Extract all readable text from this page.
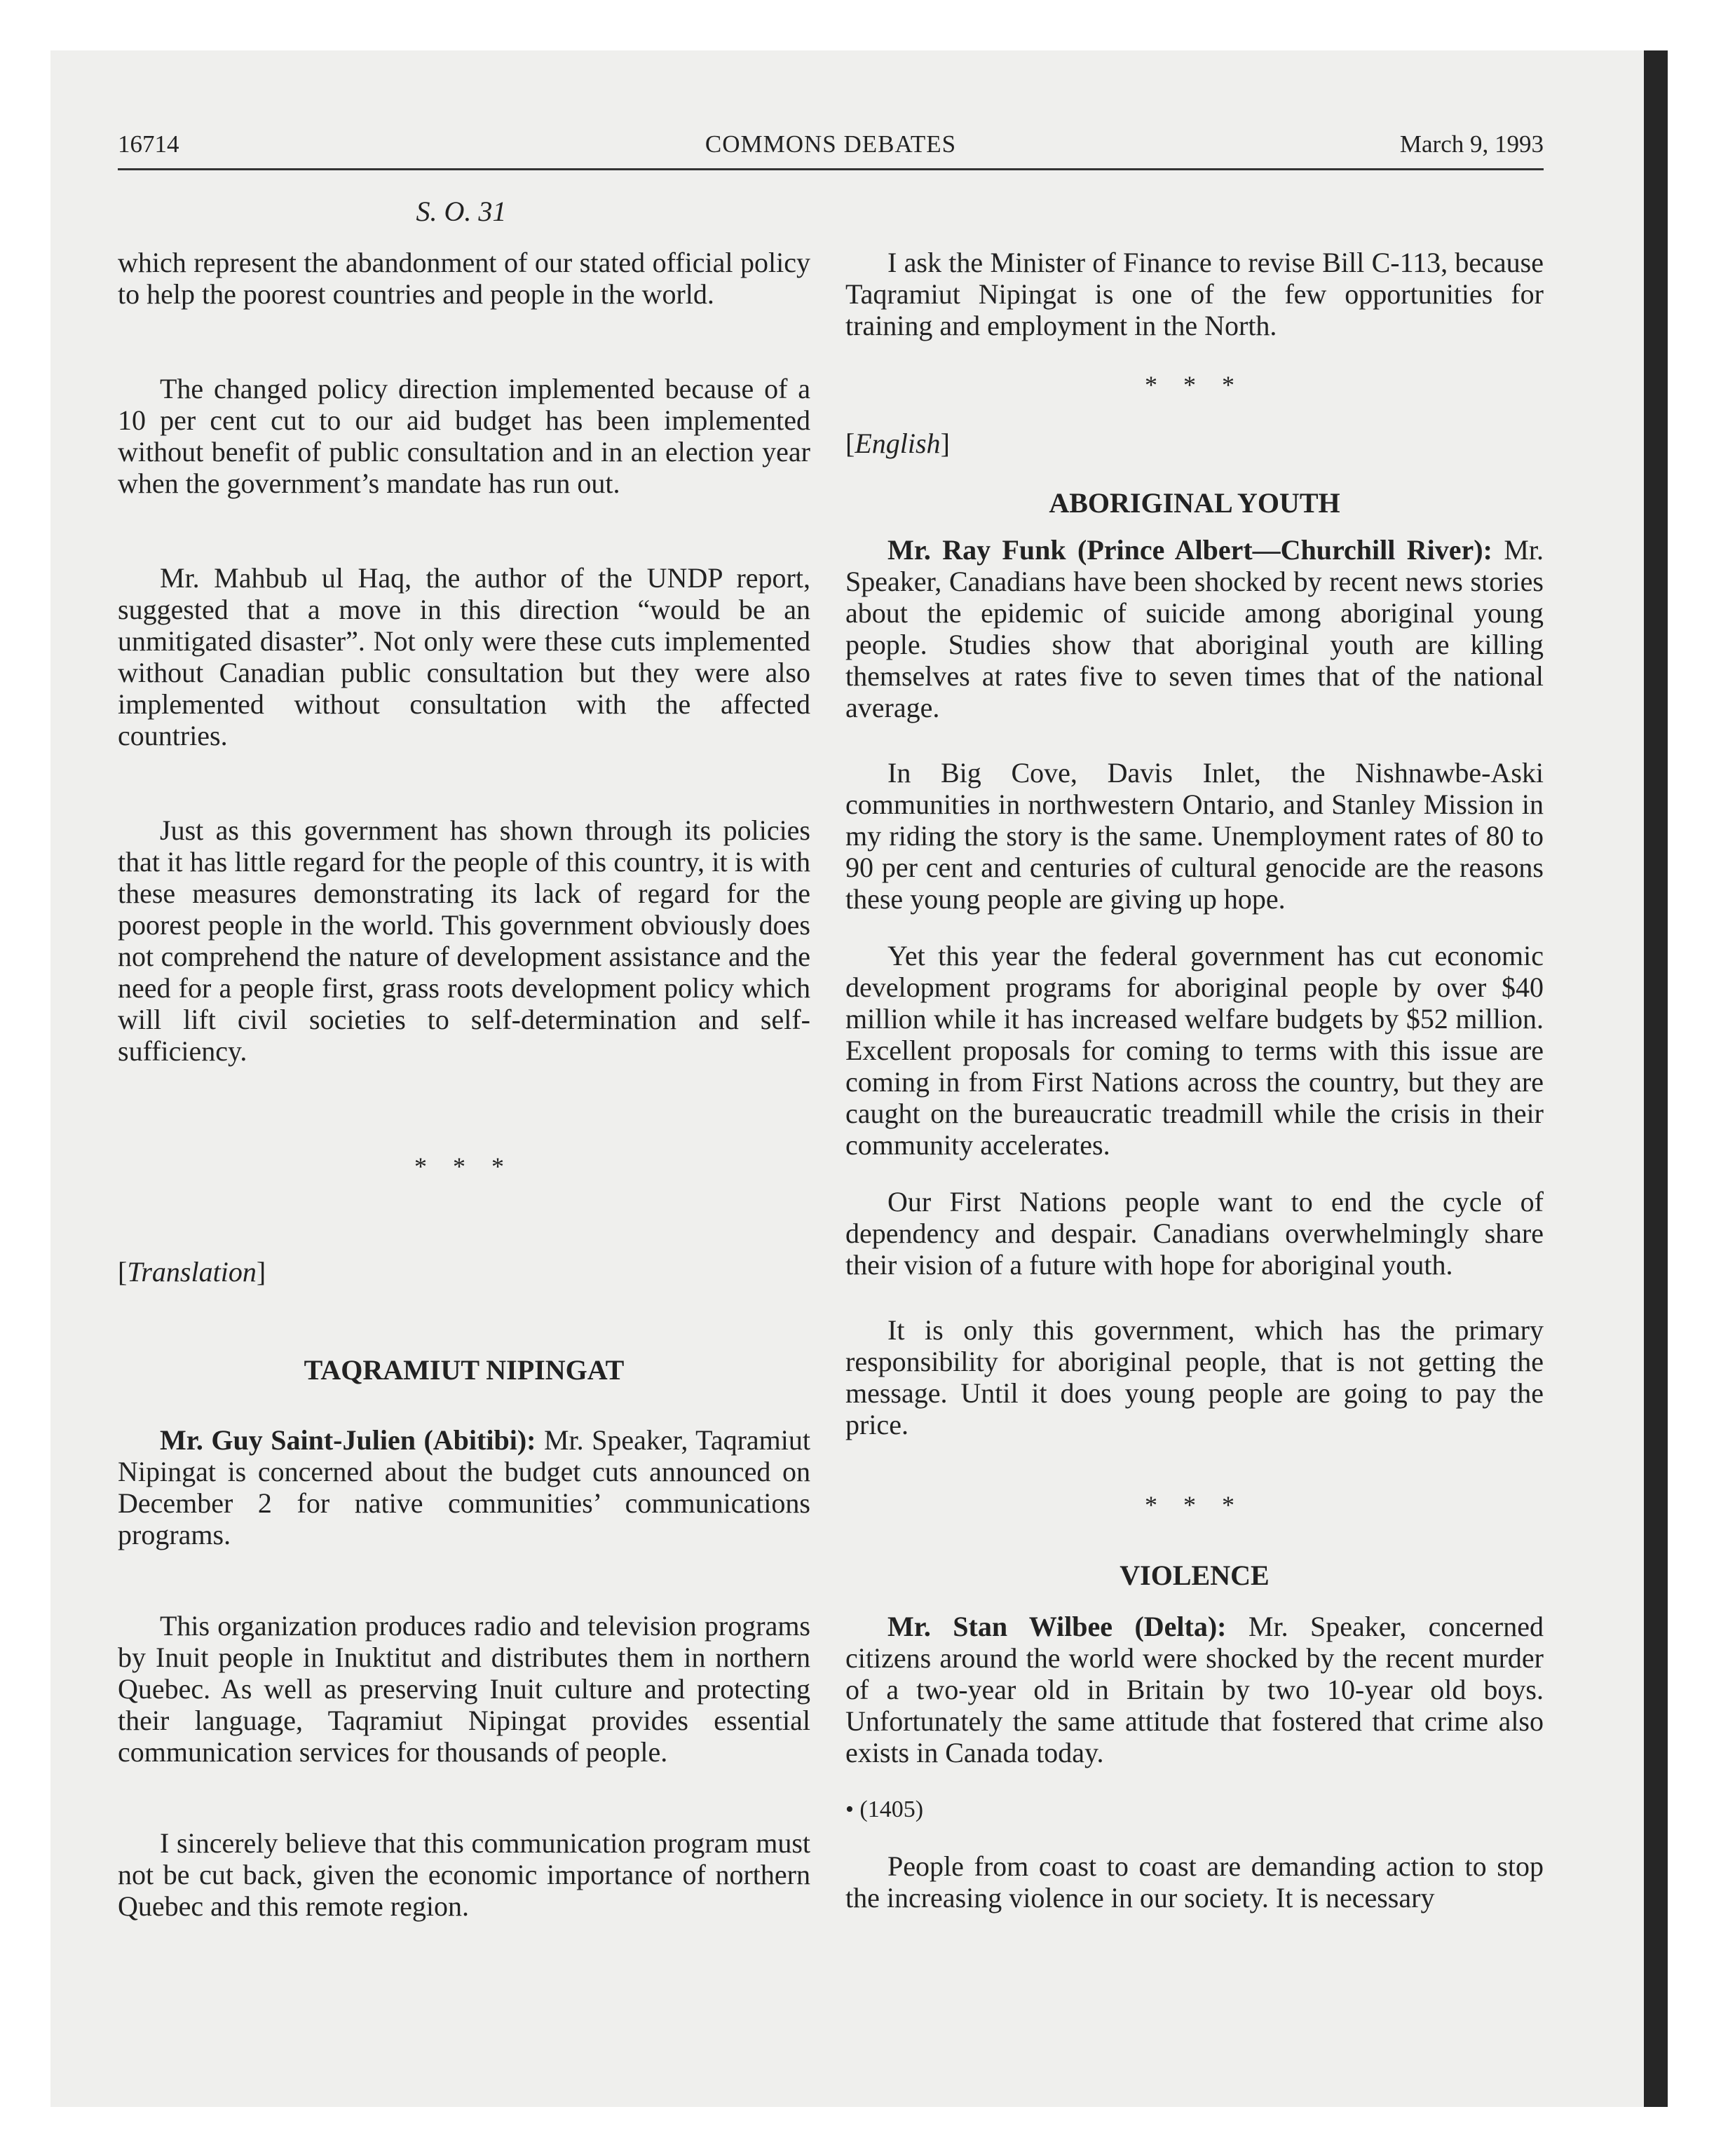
16714	COMMONS DEBATES	March 9, 1993
S. O. 31

which represent the abandonment of our stated official policy to help the poorest countries and people in the world.

The changed policy direction implemented because of a 10 per cent cut to our aid budget has been implemented without benefit of public consultation and in an election year when the government’s mandate has run out.

Mr. Mahbub ul Haq, the author of the UNDP report, suggested that a move in this direction “would be an unmitigated disaster”. Not only were these cuts implemented without Canadian public consultation but they were also implemented without consultation with the affected countries.

Just as this government has shown through its policies that it has little regard for the people of this country, it is with these measures demonstrating its lack of regard for the poorest people in the world. This government obviously does not comprehend the nature of development assistance and the need for a people first, grass roots development policy which will lift civil societies to self-determination and self-sufficiency.

* * *
[Translation]
TAQRAMIUT NIPINGAT

Mr. Guy Saint-Julien (Abitibi): Mr. Speaker, Taqramiut Nipingat is concerned about the budget cuts announced on December 2 for native communities’ communications programs.

This organization produces radio and television programs by Inuit people in Inuktitut and distributes them in northern Quebec. As well as preserving Inuit culture and protecting their language, Taqramiut Nipingat provides essential communication services for thousands of people.

I sincerely believe that this communication program must not be cut back, given the economic importance of northern Quebec and this remote region.

I ask the Minister of Finance to revise Bill C-113, because Taqramiut Nipingat is one of the few opportunities for training and employment in the North.

* * *
[English]
ABORIGINAL YOUTH

Mr. Ray Funk (Prince Albert—Churchill River): Mr. Speaker, Canadians have been shocked by recent news stories about the epidemic of suicide among aboriginal young people. Studies show that aboriginal youth are killing themselves at rates five to seven times that of the national average.

In Big Cove, Davis Inlet, the Nishnawbe-Aski communities in northwestern Ontario, and Stanley Mission in my riding the story is the same. Unemployment rates of 80 to 90 per cent and centuries of cultural genocide are the reasons these young people are giving up hope.

Yet this year the federal government has cut economic development programs for aboriginal people by over $40 million while it has increased welfare budgets by $52 million. Excellent proposals for coming to terms with this issue are coming in from First Nations across the country, but they are caught on the bureaucratic treadmill while the crisis in their community accelerates.

Our First Nations people want to end the cycle of dependency and despair. Canadians overwhelmingly share their vision of a future with hope for aboriginal youth.

It is only this government, which has the primary responsibility for aboriginal people, that is not getting the message. Until it does young people are going to pay the price.

* * *
VIOLENCE

Mr. Stan Wilbee (Delta): Mr. Speaker, concerned citizens around the world were shocked by the recent murder of a two-year old in Britain by two 10-year old boys. Unfortunately the same attitude that fostered that crime also exists in Canada today.

• (1405)

People from coast to coast are demanding action to stop the increasing violence in our society. It is necessary
